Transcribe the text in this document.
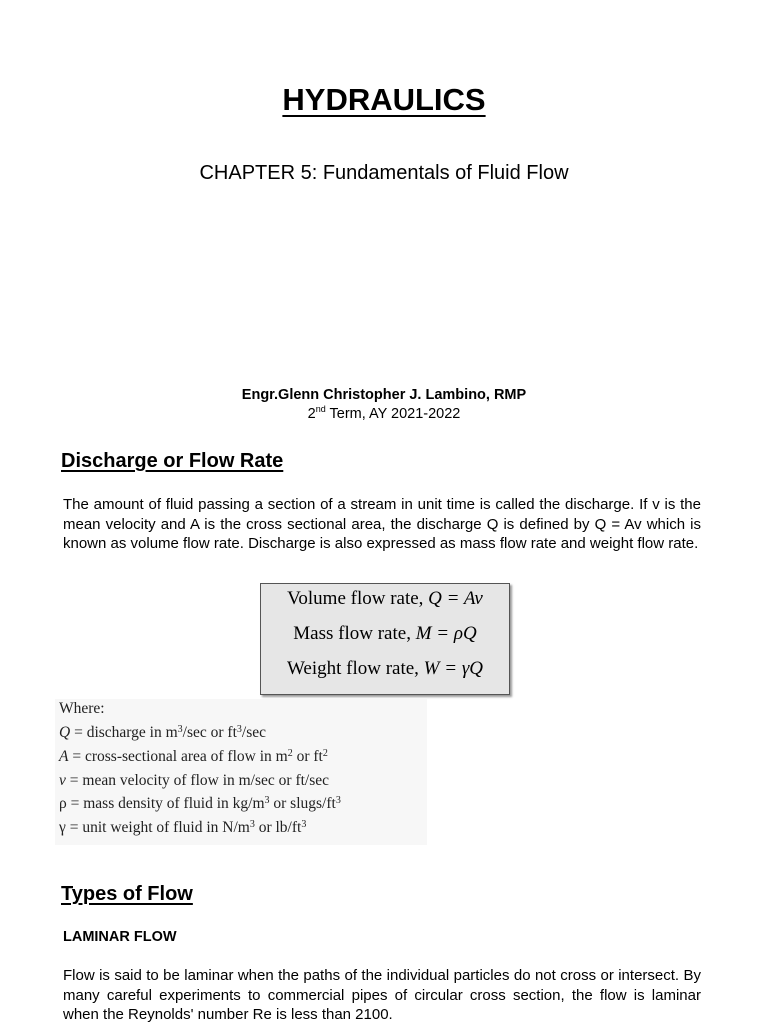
HYDRAULICS
CHAPTER 5: Fundamentals of Fluid Flow
Engr.Glenn Christopher J. Lambino, RMP
2nd Term, AY 2021-2022
Discharge or Flow Rate
The amount of fluid passing a section of a stream in unit time is called the discharge. If v is the mean velocity and A is the cross sectional area, the discharge Q is defined by Q = Av which is known as volume flow rate. Discharge is also expressed as mass flow rate and weight flow rate.
Volume flow rate, Q = Av
Mass flow rate, M = ρQ
Weight flow rate, W = γQ
Where:
Q = discharge in $m^3/\sec$ or $ft^3/\sec$
A = cross-sectional area of flow in $m^2$ or $ft^2$
v = mean velocity of flow in m/sec or ft/sec
ρ = mass density of fluid in $kg/m^3$ or slugs/$ft^3$
γ = unit weight of fluid in $N/m^3$ or $lb/ft^3$
Types of Flow
LAMINAR FLOW
Flow is said to be laminar when the paths of the individual particles do not cross or intersect. By many careful experiments to commercial pipes of circular cross section, the flow is laminar when the Reynolds' number Re is less than 2100.
